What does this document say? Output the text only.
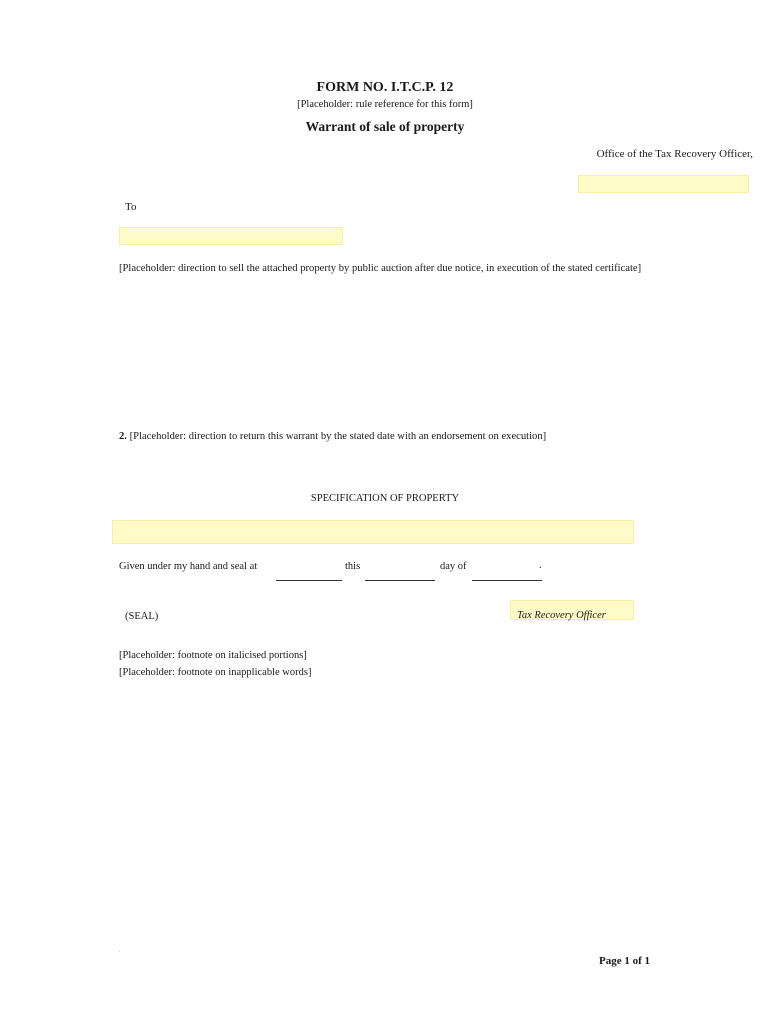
FORM NO. I.T.C.P. 12
[Placeholder: rule reference for this form]
Warrant of sale of property
Office of the Tax Recovery Officer,
To
[Placeholder: direction to sell the attached property by public auction after due notice, in execution of the stated certificate]
2. [Placeholder: direction to return this warrant by the stated date with an endorsement on execution]
SPECIFICATION OF PROPERTY
Given under my hand and seal at	this	day of	.
(SEAL)	Tax Recovery Officer
[Placeholder: footnote on italicised portions]
[Placeholder: footnote on inapplicable words]
.
Page 1 of 1
